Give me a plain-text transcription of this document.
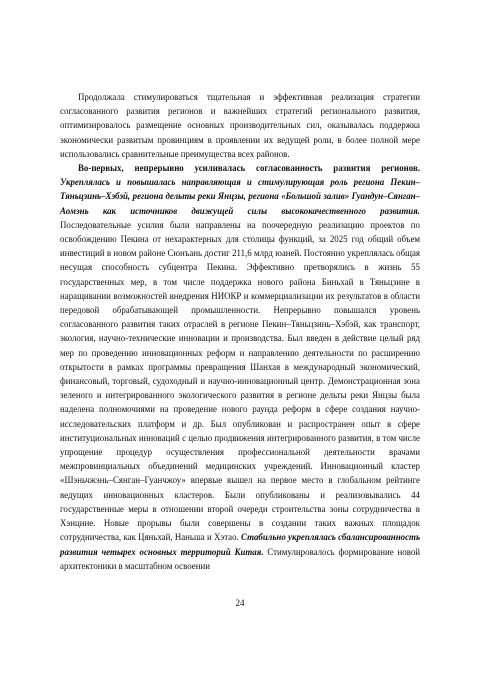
Продолжала стимулироваться тщательная и эффективная реализация стратегии согласованного развития регионов и важнейших стратегий регионального развития, оптимизировалось размещение основных производительных сил, оказывалась поддержка экономически развитым провинциям в проявлении их ведущей роли, в более полной мере использовались сравнительные преимущества всех районов.

Во-первых, непрерывно усиливалась согласованность развития регионов. Укреплялась и повышалась направляющая и стимулирующая роль региона Пекин–Тяньцзинь–Хэбэй, региона дельты реки Янцзы, региона «Большой залив» Гуандун–Сянган–Аомэнь как источников движущей силы высококачественного развития. Последовательные усилия были направлены на поочередную реализацию проектов по освобождению Пекина от нехарактерных для столицы функций, за 2025 год общий объем инвестиций в новом районе Сюнъань достиг 211,6 млрд юаней. Постоянно укреплялась общая несущая способность субцентра Пекина. Эффективно претворялись в жизнь 55 государственных мер, в том числе поддержка нового района Биньхай в Тяньцзине в наращивании возможностей внедрения НИОКР и коммерциализации их результатов в области передовой обрабатывающей промышленности. Непрерывно повышался уровень согласованного развития таких отраслей в регионе Пекин–Тяньцзинь–Хэбэй, как транспорт, экология, научно-технические инновации и производства. Был введен в действие целый ряд мер по проведению инновационных реформ и направлению деятельности по расширению открытости в рамках программы превращения Шанхая в международный экономический, финансовый, торговый, судоходный и научно-инновационный центр. Демонстрационная зона зеленого и интегрированного экологического развития в регионе дельты реки Янцзы была наделена полномочиями на проведение нового раунда реформ в сфере создания научно-исследовательских платформ и др. Был опубликован и распространен опыт в сфере институциональных инноваций с целью продвижения интегрированного развития, в том числе упрощение процедур осуществления профессиональной деятельности врачами межпровинциальных объединений медицинских учреждений. Инновационный кластер «Шэньчжэнь–Сянган–Гуанчжоу» впервые вышел на первое место в глобальном рейтинге ведущих инновационных кластеров. Были опубликованы и реализовывались 44 государственные меры в отношении второй очереди строительства зоны сотрудничества в Хэнцине. Новые прорывы были совершены в создании таких важных площадок сотрудничества, как Цяньхай, Наньша и Хэтао. Стабильно укреплялась сбалансированность развития четырех основных территорий Китая. Стимулировалось формирование новой архитектоники в масштабном освоении

24
